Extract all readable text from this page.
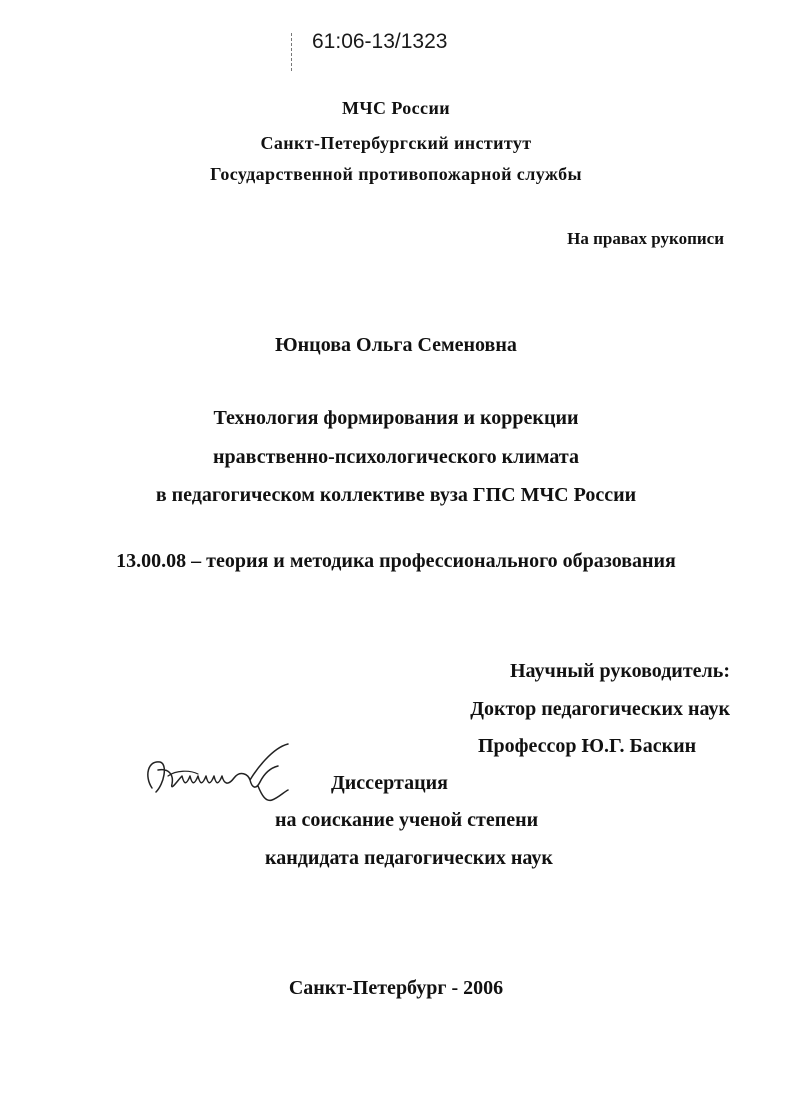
61:06-13/1323
МЧС России
Санкт-Петербургский институт
Государственной противопожарной службы
На правах рукописи
Юнцова Ольга Семеновна
Технология формирования и коррекции
нравственно-психологического климата
в педагогическом коллективе вуза ГПС МЧС России
13.00.08 – теория и методика профессионального образования
Научный руководитель:
Доктор педагогических наук
Профессор Ю.Г. Баскин
Диссертация
на соискание ученой степени
кандидата педагогических наук
Санкт-Петербург - 2006
